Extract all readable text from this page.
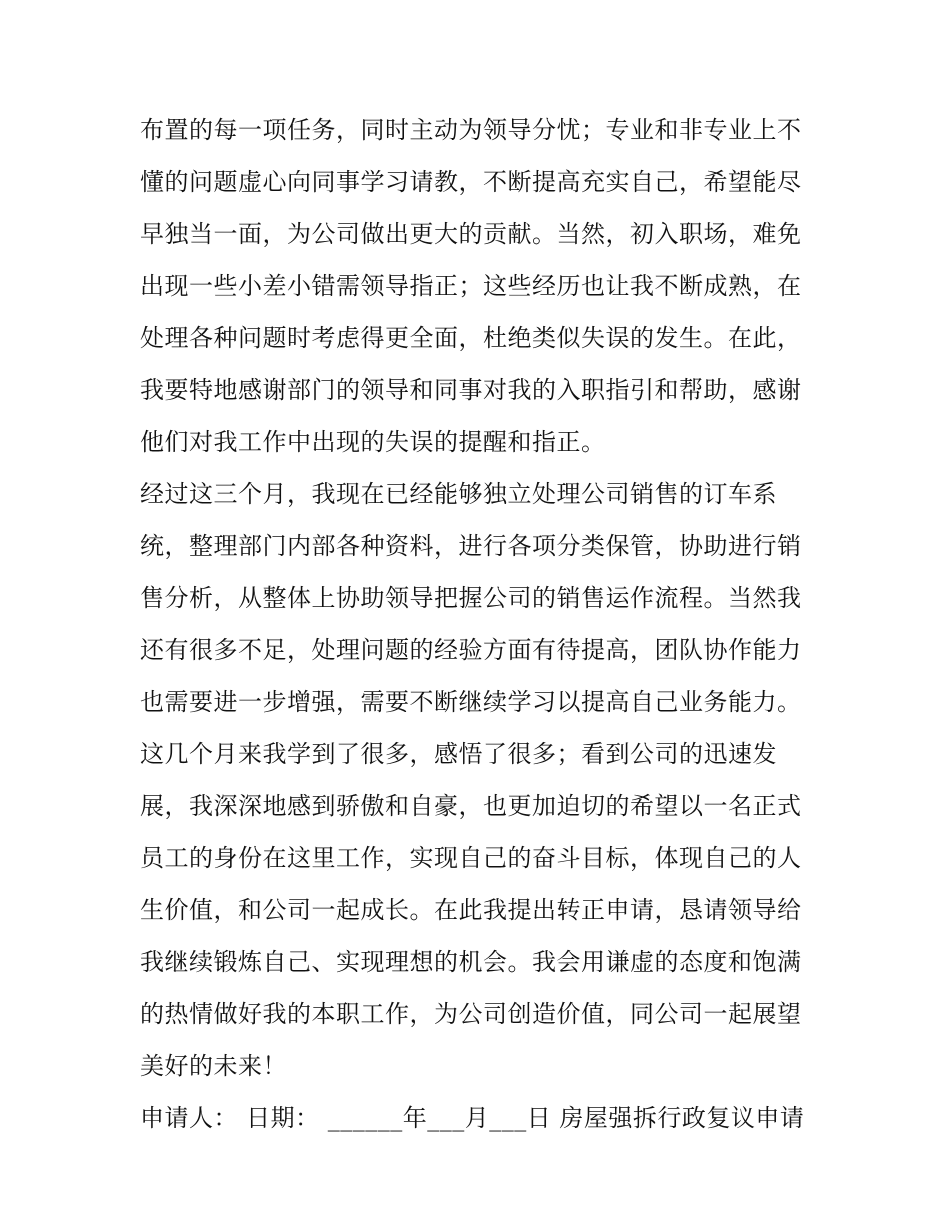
布置的每一项任务，同时主动为领导分忧；专业和非专业上不
懂的问题虚心向同事学习请教，不断提高充实自己，希望能尽
早独当一面，为公司做出更大的贡献。当然，初入职场，难免
出现一些小差小错需领导指正；这些经历也让我不断成熟，在
处理各种问题时考虑得更全面，杜绝类似失误的发生。在此，
我要特地感谢部门的领导和同事对我的入职指引和帮助，感谢
他们对我工作中出现的失误的提醒和指正。
经过这三个月，我现在已经能够独立处理公司销售的订车系
统，整理部门内部各种资料，进行各项分类保管，协助进行销
售分析，从整体上协助领导把握公司的销售运作流程。当然我
还有很多不足，处理问题的经验方面有待提高，团队协作能力
也需要进一步增强，需要不断继续学习以提高自己业务能力。
这几个月来我学到了很多，感悟了很多；看到公司的迅速发
展，我深深地感到骄傲和自豪，也更加迫切的希望以一名正式
员工的身份在这里工作，实现自己的奋斗目标，体现自己的人
生价值，和公司一起成长。在此我提出转正申请，恳请领导给
我继续锻炼自己、实现理想的机会。我会用谦虚的态度和饱满
的热情做好我的本职工作，为公司创造价值，同公司一起展望
美好的未来！
申请人： 日期： ______年___月___日 房屋强拆行政复议申请
